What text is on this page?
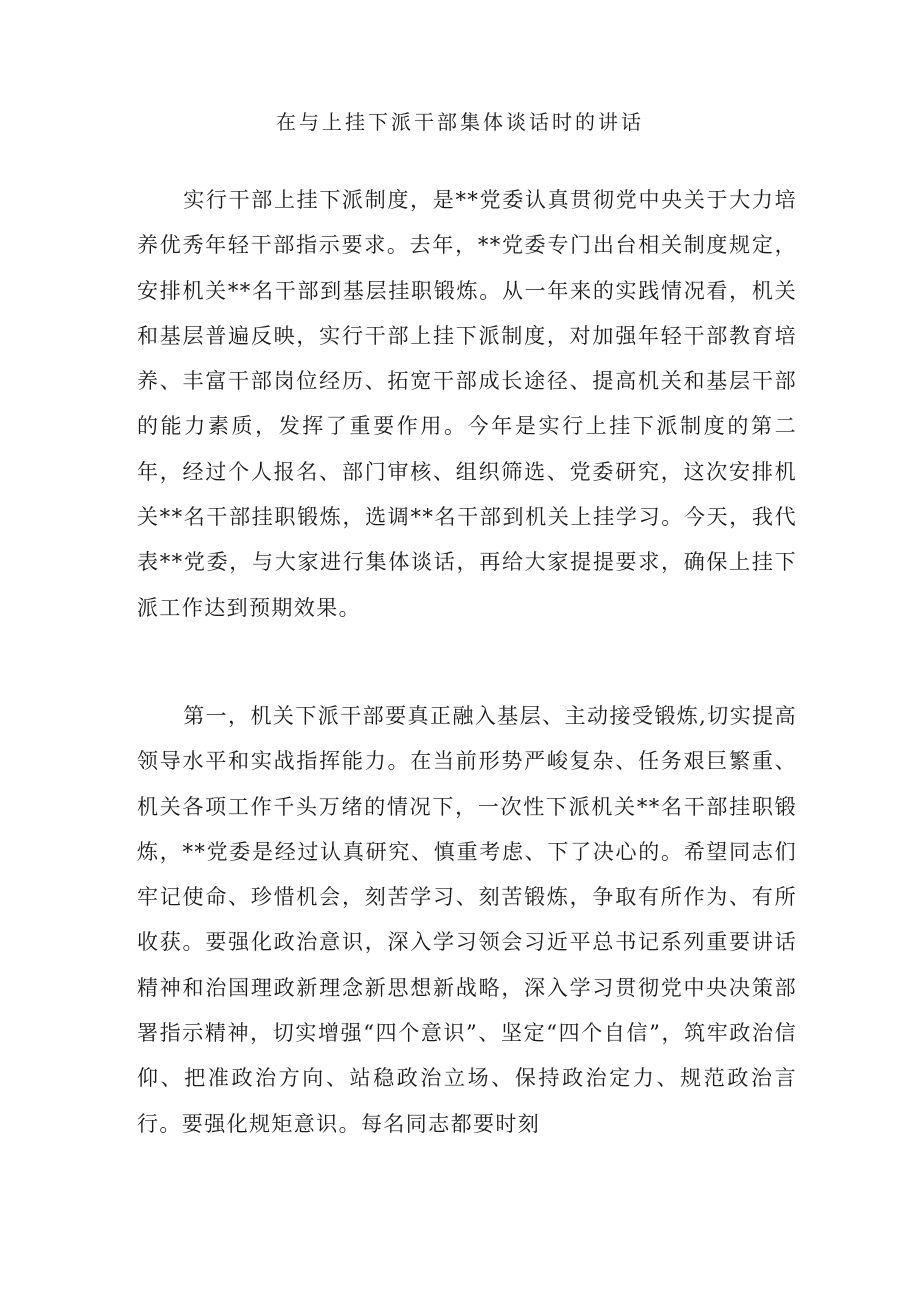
在与上挂下派干部集体谈话时的讲话

实行干部上挂下派制度，是**党委认真贯彻党中央关于大力培养优秀年轻干部指示要求。去年，**党委专门出台相关制度规定，安排机关**名干部到基层挂职锻炼。从一年来的实践情况看，机关和基层普遍反映，实行干部上挂下派制度，对加强年轻干部教育培养、丰富干部岗位经历、拓宽干部成长途径、提高机关和基层干部的能力素质，发挥了重要作用。今年是实行上挂下派制度的第二年，经过个人报名、部门审核、组织筛选、党委研究，这次安排机关**名干部挂职锻炼，选调**名干部到机关上挂学习。今天，我代表**党委，与大家进行集体谈话，再给大家提提要求，确保上挂下派工作达到预期效果。

第一，机关下派干部要真正融入基层、主动接受锻炼,切实提高领导水平和实战指挥能力。在当前形势严峻复杂、任务艰巨繁重、机关各项工作千头万绪的情况下，一次性下派机关**名干部挂职锻炼，**党委是经过认真研究、慎重考虑、下了决心的。希望同志们牢记使命、珍惜机会，刻苦学习、刻苦锻炼，争取有所作为、有所收获。要强化政治意识，深入学习领会习近平总书记系列重要讲话精神和治国理政新理念新思想新战略，深入学习贯彻党中央决策部署指示精神，切实增强“四个意识”、坚定“四个自信”，筑牢政治信仰、把准政治方向、站稳政治立场、保持政治定力、规范政治言行。要强化规矩意识。每名同志都要时刻
